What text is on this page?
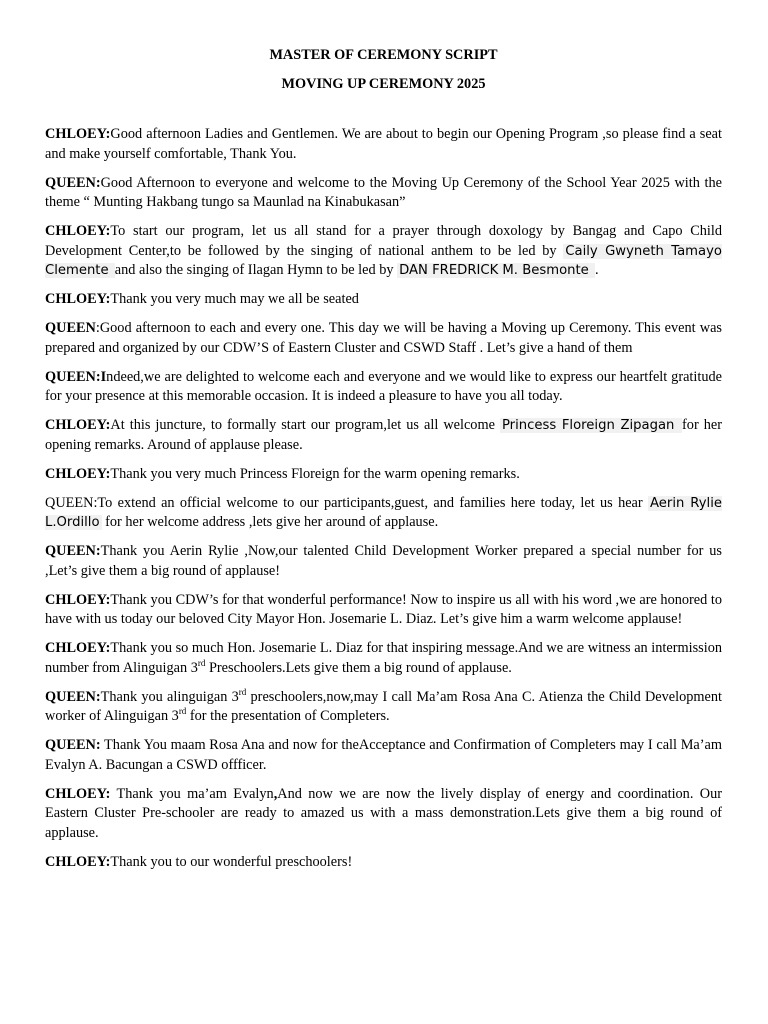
MASTER OF CEREMONY SCRIPT

MOVING UP CEREMONY 2025

CHLOEY:Good afternoon Ladies and Gentlemen. We are about to begin our Opening Program ,so please find a seat and make yourself comfortable, Thank You.

QUEEN:Good Afternoon to everyone and welcome to the Moving Up Ceremony of the School Year 2025 with the theme “ Munting Hakbang tungo sa Maunlad na Kinabukasan”

CHLOEY:To start our program, let us all stand for a prayer through doxology by Bangag and Capo Child Development Center,to be followed by the singing of national anthem to be led by Caily Gwyneth Tamayo Clemente and also the singing of Ilagan Hymn to be led by DAN FREDRICK M. Besmonte .

CHLOEY:Thank you very much may we all be seated

QUEEN:Good afternoon to each and every one. This day we will be having a Moving up Ceremony. This event was prepared and organized by our CDW’S of Eastern Cluster and CSWD Staff . Let’s give a hand of them

QUEEN:Indeed,we are delighted to welcome each and everyone and we would like to express our heartfelt gratitude for your presence at this memorable occasion. It is indeed a pleasure to have you all today.

CHLOEY:At this juncture, to formally start our program,let us all welcome Princess Floreign Zipagan for her opening remarks. Around of applause please.

CHLOEY:Thank you very much Princess Floreign for the warm opening remarks.

QUEEN:To extend an official welcome to our participants,guest, and families here today, let us hear Aerin Rylie L.Ordillo for her welcome address ,lets give her around of applause.

QUEEN:Thank you Aerin Rylie ,Now,our talented Child Development Worker prepared a special number for us ,Let’s give them a big round of applause!

CHLOEY:Thank you CDW’s for that wonderful performance! Now to inspire us all with his word ,we are honored to have with us today our beloved City Mayor Hon. Josemarie L. Diaz. Let’s give him a warm welcome applause!

CHLOEY:Thank you so much Hon. Josemarie L. Diaz for that inspiring message.And we are witness an intermission number from Alinguigan 3rd Preschoolers.Lets give them a big round of applause.

QUEEN:Thank you alinguigan 3rd preschoolers,now,may I call Ma’am Rosa Ana C. Atienza the Child Development worker of Alinguigan 3rd for the presentation of Completers.

QUEEN: Thank You maam Rosa Ana and now for theAcceptance and Confirmation of Completers may I call Ma’am Evalyn A. Bacungan a CSWD offficer.

CHLOEY: Thank you ma’am Evalyn,And now we are now the lively display of energy and coordination. Our Eastern Cluster Pre-schooler are ready to amazed us with a mass demonstration.Lets give them a big round of applause.

CHLOEY:Thank you to our wonderful preschoolers!
